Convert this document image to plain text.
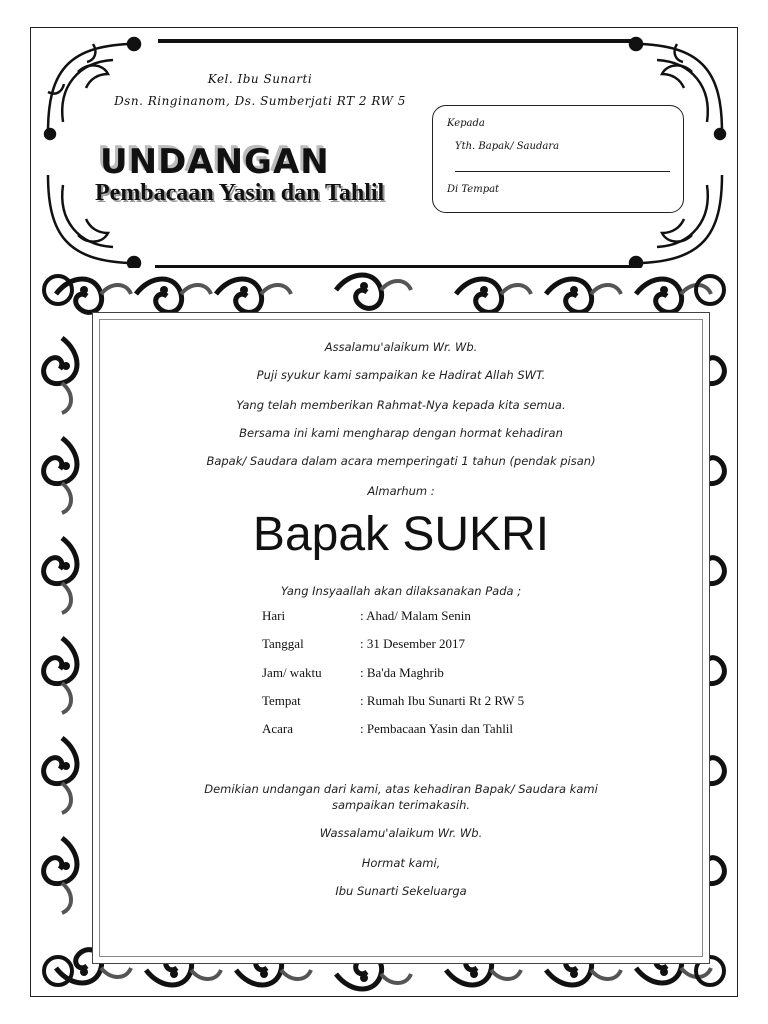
Kel. Ibu Sunarti
Dsn. Ringinanom, Ds. Sumberjati RT 2 RW 5
UNDANGAN
Pembacaan Yasin dan Tahlil
Kepada
Yth. Bapak/ Saudara
Di Tempat
Assalamu'alaikum Wr. Wb.
Puji syukur kami sampaikan ke Hadirat Allah SWT.
Yang telah memberikan Rahmat-Nya kepada kita semua.
Bersama ini kami mengharap dengan hormat kehadiran
Bapak/ Saudara dalam acara memperingati 1 tahun (pendak pisan)
Almarhum :
Bapak SUKRI
Yang Insyaallah akan dilaksanakan Pada ;
Demikian undangan dari kami, atas kehadiran Bapak/ Saudara kami
sampaikan terimakasih.
Wassalamu'alaikum Wr. Wb.
Hormat kami,
Ibu Sunarti Sekeluarga
Hari	: Ahad/ Malam Senin
Tanggal	: 31 Desember 2017
Jam/ waktu	: Ba'da Maghrib
Tempat	: Rumah Ibu Sunarti Rt 2 RW 5
Acara	: Pembacaan Yasin dan Tahlil
